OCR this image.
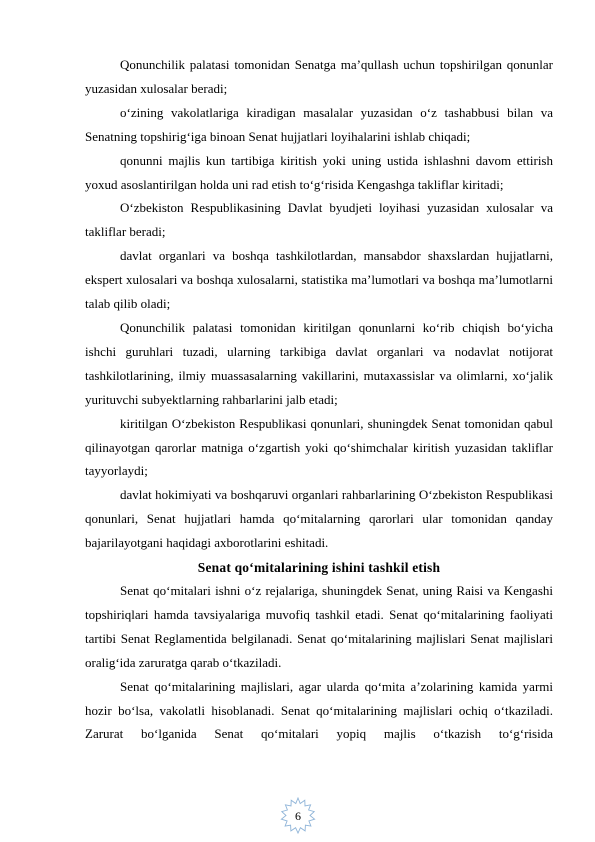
Qonunchilik palatasi tomonidan Senatga maʼqullash uchun topshirilgan qonunlar yuzasidan xulosalar beradi;

oʻzining vakolatlariga kiradigan masalalar yuzasidan oʻz tashabbusi bilan va Senatning topshirigʻiga binoan Senat hujjatlari loyihalarini ishlab chiqadi;

qonunni majlis kun tartibiga kiritish yoki uning ustida ishlashni davom ettirish yoxud asoslantirilgan holda uni rad etish toʻgʻrisida Kengashga takliflar kiritadi;

Oʻzbekiston Respublikasining Davlat byudjeti loyihasi yuzasidan xulosalar va takliflar beradi;

davlat organlari va boshqa tashkilotlardan, mansabdor shaxslardan hujjatlarni, ekspert xulosalari va boshqa xulosalarni, statistika maʼlumotlari va boshqa maʼlumotlarni talab qilib oladi;

Qonunchilik palatasi tomonidan kiritilgan qonunlarni koʻrib chiqish boʻyicha ishchi guruhlari tuzadi, ularning tarkibiga davlat organlari va nodavlat notijorat tashkilotlarining, ilmiy muassasalarning vakillarini, mutaxassislar va olimlarni, xoʻjalik yurituvchi subyektlarning rahbarlarini jalb etadi;

kiritilgan Oʻzbekiston Respublikasi qonunlari, shuningdek Senat tomonidan qabul qilinayotgan qarorlar matniga oʻzgartish yoki qoʻshimchalar kiritish yuzasidan takliflar tayyorlaydi;

davlat hokimiyati va boshqaruvi organlari rahbarlarining Oʻzbekiston Respublikasi qonunlari, Senat hujjatlari hamda qoʻmitalarning qarorlari ular tomonidan qanday bajarilayotgani haqidagi axborotlarini eshitadi.

Senat qoʻmitalarining ishini tashkil etish

Senat qoʻmitalari ishni oʻz rejalariga, shuningdek Senat, uning Raisi va Kengashi topshiriqlari hamda tavsiyalariga muvofiq tashkil etadi. Senat qoʻmitalarining faoliyati tartibi Senat Reglamentida belgilanadi. Senat qoʻmitalarining majlislari Senat majlislari oraligʻida zaruratga qarab oʻtkaziladi.

Senat qoʻmitalarining majlislari, agar ularda qoʻmita aʼzolarining kamida yarmi hozir boʻlsa, vakolatli hisoblanadi. Senat qoʻmitalarining majlislari ochiq oʻtkaziladi. Zarurat boʻlganida Senat qoʻmitalari yopiq majlis oʻtkazish toʻgʻrisida

6
